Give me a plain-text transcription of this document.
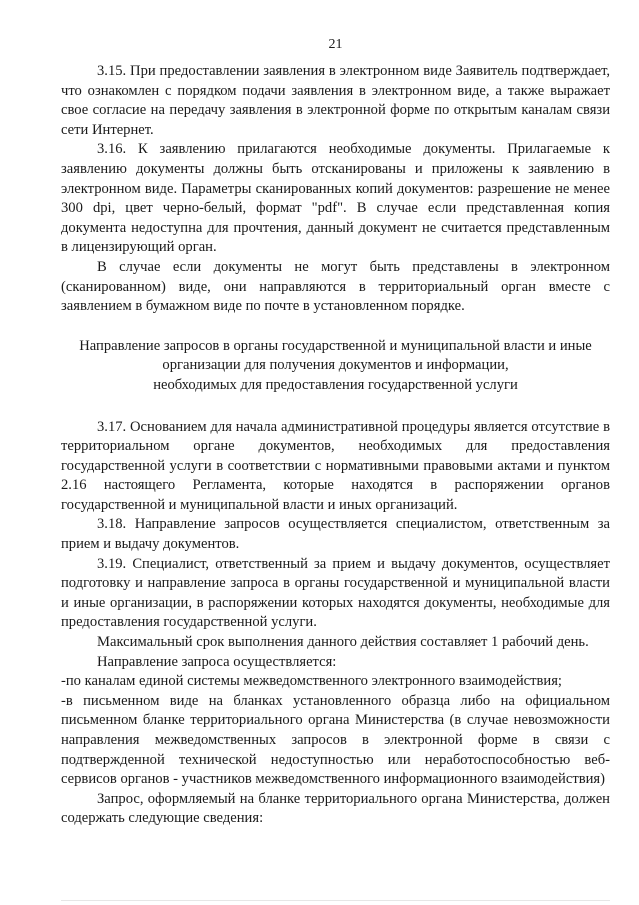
21

3.15. При предоставлении заявления в электронном виде Заявитель подтверждает, что ознакомлен с порядком подачи заявления в электронном виде, а также выражает свое согласие на передачу заявления в электронной форме по открытым каналам связи сети Интернет.

3.16. К заявлению прилагаются необходимые документы. Прилагаемые к заявлению документы должны быть отсканированы и приложены к заявлению в электронном виде. Параметры сканированных копий документов: разрешение не менее 300 dpi, цвет черно-белый, формат "pdf". В случае если представленная копия документа недоступна для прочтения, данный документ не считается представленным в лицензирующий орган.

В случае если документы не могут быть представлены в электронном (сканированном) виде, они направляются в территориальный орган вместе с заявлением в бумажном виде по почте в установленном порядке.

Направление запросов в органы государственной и муниципальной власти и иные
организации для получения документов и информации,
необходимых для предоставления государственной услуги

3.17. Основанием для начала административной процедуры является отсутствие в территориальном органе документов, необходимых для предоставления государственной услуги в соответствии с нормативными правовыми актами и пунктом 2.16 настоящего Регламента, которые находятся в распоряжении органов государственной и муниципальной власти и иных организаций.

3.18. Направление запросов осуществляется специалистом, ответственным за прием и выдачу документов.

3.19. Специалист, ответственный за прием и выдачу документов, осуществляет подготовку и направление запроса в органы государственной и муниципальной власти и иные организации, в распоряжении которых находятся документы, необходимые для предоставления государственной услуги.

Максимальный срок выполнения данного действия составляет 1 рабочий день.

Направление запроса осуществляется:

-по каналам единой системы межведомственного электронного взаимодействия;

-в письменном виде на бланках установленного образца либо на официальном письменном бланке территориального органа Министерства (в случае невозможности направления межведомственных запросов в электронной форме в связи с подтвержденной технической недоступностью или неработоспособностью веб-сервисов органов - участников межведомственного информационного взаимодействия)

Запрос, оформляемый на бланке территориального органа Министерства, должен содержать следующие сведения:
